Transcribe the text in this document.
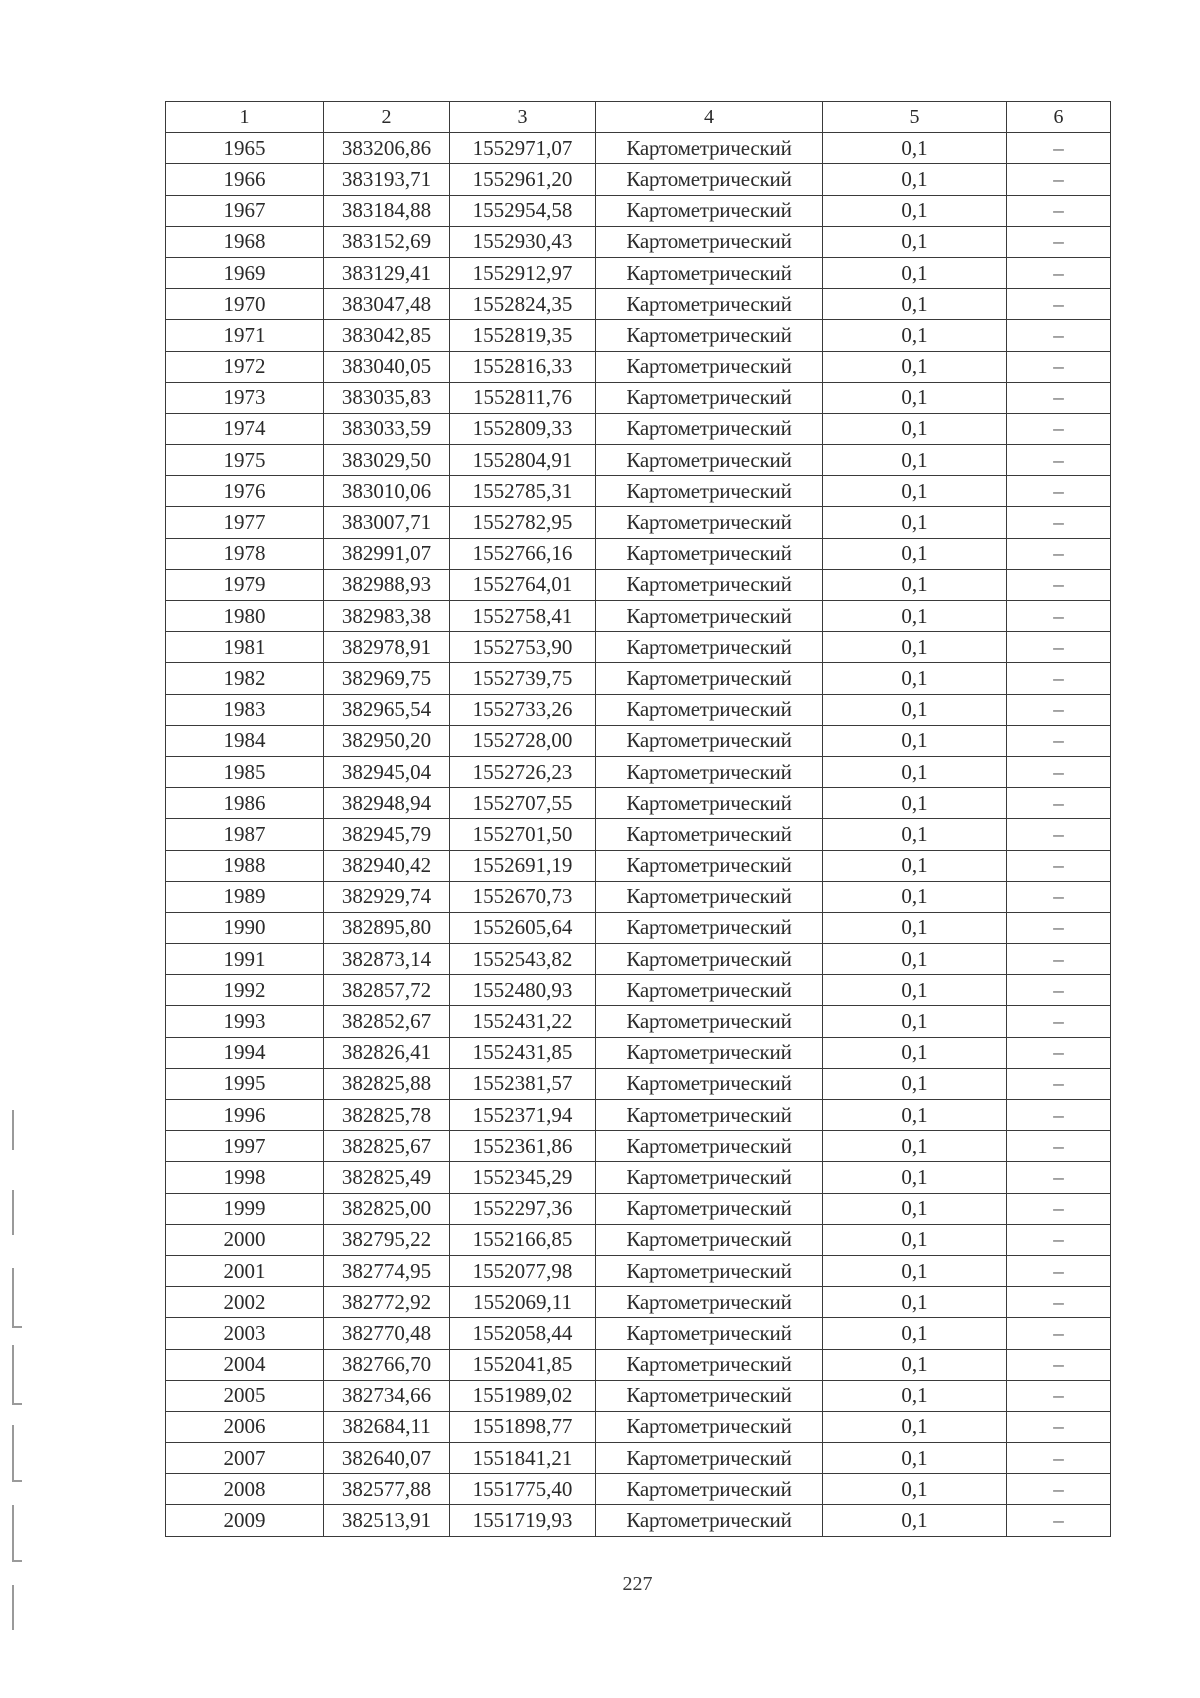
1	2	3	4	5	6
1965	383206,86	1552971,07	Картометрический	0,1	–
1966	383193,71	1552961,20	Картометрический	0,1	–
1967	383184,88	1552954,58	Картометрический	0,1	–
1968	383152,69	1552930,43	Картометрический	0,1	–
1969	383129,41	1552912,97	Картометрический	0,1	–
1970	383047,48	1552824,35	Картометрический	0,1	–
1971	383042,85	1552819,35	Картометрический	0,1	–
1972	383040,05	1552816,33	Картометрический	0,1	–
1973	383035,83	1552811,76	Картометрический	0,1	–
1974	383033,59	1552809,33	Картометрический	0,1	–
1975	383029,50	1552804,91	Картометрический	0,1	–
1976	383010,06	1552785,31	Картометрический	0,1	–
1977	383007,71	1552782,95	Картометрический	0,1	–
1978	382991,07	1552766,16	Картометрический	0,1	–
1979	382988,93	1552764,01	Картометрический	0,1	–
1980	382983,38	1552758,41	Картометрический	0,1	–
1981	382978,91	1552753,90	Картометрический	0,1	–
1982	382969,75	1552739,75	Картометрический	0,1	–
1983	382965,54	1552733,26	Картометрический	0,1	–
1984	382950,20	1552728,00	Картометрический	0,1	–
1985	382945,04	1552726,23	Картометрический	0,1	–
1986	382948,94	1552707,55	Картометрический	0,1	–
1987	382945,79	1552701,50	Картометрический	0,1	–
1988	382940,42	1552691,19	Картометрический	0,1	–
1989	382929,74	1552670,73	Картометрический	0,1	–
1990	382895,80	1552605,64	Картометрический	0,1	–
1991	382873,14	1552543,82	Картометрический	0,1	–
1992	382857,72	1552480,93	Картометрический	0,1	–
1993	382852,67	1552431,22	Картометрический	0,1	–
1994	382826,41	1552431,85	Картометрический	0,1	–
1995	382825,88	1552381,57	Картометрический	0,1	–
1996	382825,78	1552371,94	Картометрический	0,1	–
1997	382825,67	1552361,86	Картометрический	0,1	–
1998	382825,49	1552345,29	Картометрический	0,1	–
1999	382825,00	1552297,36	Картометрический	0,1	–
2000	382795,22	1552166,85	Картометрический	0,1	–
2001	382774,95	1552077,98	Картометрический	0,1	–
2002	382772,92	1552069,11	Картометрический	0,1	–
2003	382770,48	1552058,44	Картометрический	0,1	–
2004	382766,70	1552041,85	Картометрический	0,1	–
2005	382734,66	1551989,02	Картометрический	0,1	–
2006	382684,11	1551898,77	Картометрический	0,1	–
2007	382640,07	1551841,21	Картометрический	0,1	–
2008	382577,88	1551775,40	Картометрический	0,1	–
2009	382513,91	1551719,93	Картометрический	0,1	–
227
